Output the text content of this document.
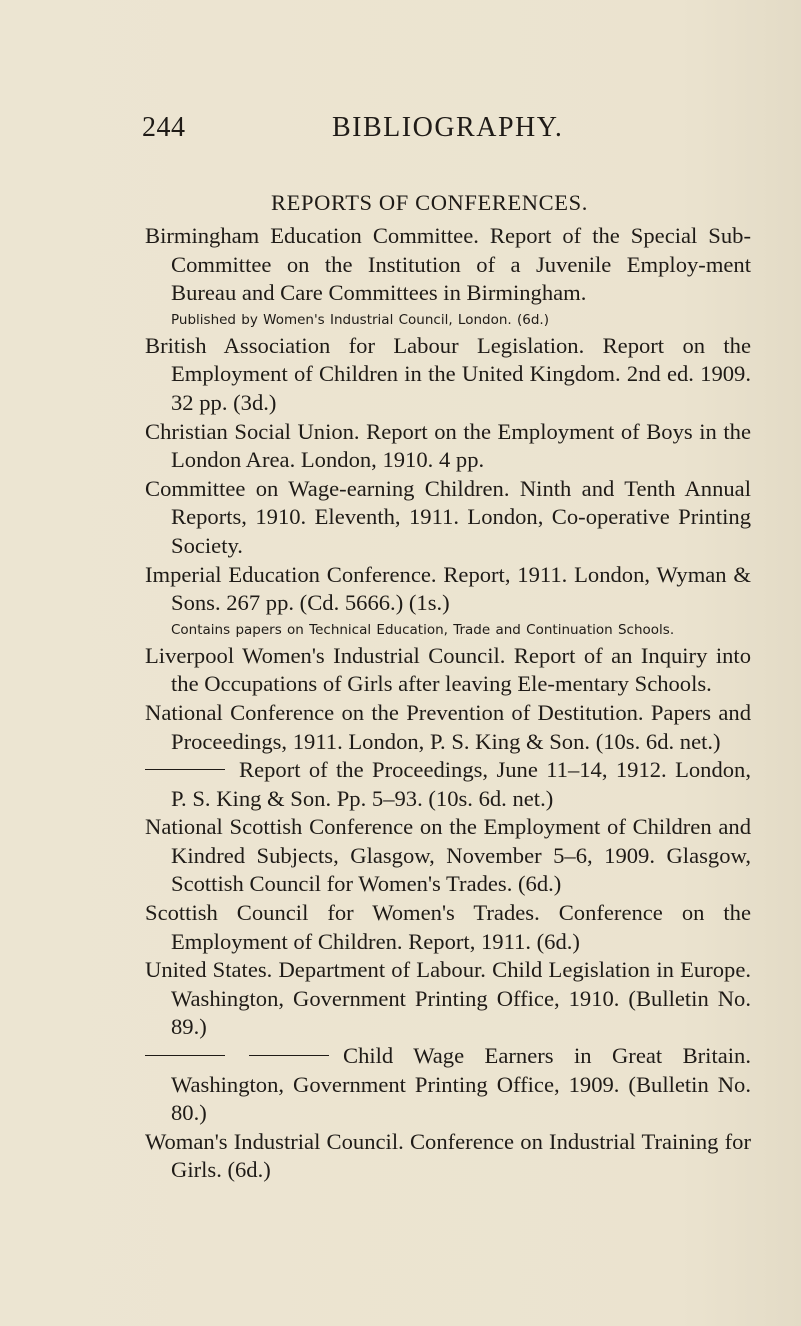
244	BIBLIOGRAPHY.
REPORTS OF CONFERENCES.
Birmingham Education Committee. Report of the Special Sub-Committee on the Institution of a Juvenile Employ-ment Bureau and Care Committees in Birmingham.
Published by Women's Industrial Council, London. (6d.)
British Association for Labour Legislation. Report on the Employment of Children in the United Kingdom. 2nd ed. 1909. 32 pp. (3d.)
Christian Social Union. Report on the Employment of Boys in the London Area. London, 1910. 4 pp.
Committee on Wage-earning Children. Ninth and Tenth Annual Reports, 1910. Eleventh, 1911. London, Co-operative Printing Society.
Imperial Education Conference. Report, 1911. London, Wyman & Sons. 267 pp. (Cd. 5666.) (1s.)
Contains papers on Technical Education, Trade and Continuation Schools.
Liverpool Women's Industrial Council. Report of an Inquiry into the Occupations of Girls after leaving Ele-mentary Schools.
National Conference on the Prevention of Destitution. Papers and Proceedings, 1911. London, P. S. King & Son. (10s. 6d. net.)
Report of the Proceedings, June 11–14, 1912. London, P. S. King & Son. Pp. 5–93. (10s. 6d. net.)
National Scottish Conference on the Employment of Children and Kindred Subjects, Glasgow, November 5–6, 1909. Glasgow, Scottish Council for Women's Trades. (6d.)
Scottish Council for Women's Trades. Conference on the Employment of Children. Report, 1911. (6d.)
United States. Department of Labour. Child Legislation in Europe. Washington, Government Printing Office, 1910. (Bulletin No. 89.)
Child Wage Earners in Great Britain. Washington, Government Printing Office, 1909. (Bulletin No. 80.)
Woman's Industrial Council. Conference on Industrial Training for Girls. (6d.)
